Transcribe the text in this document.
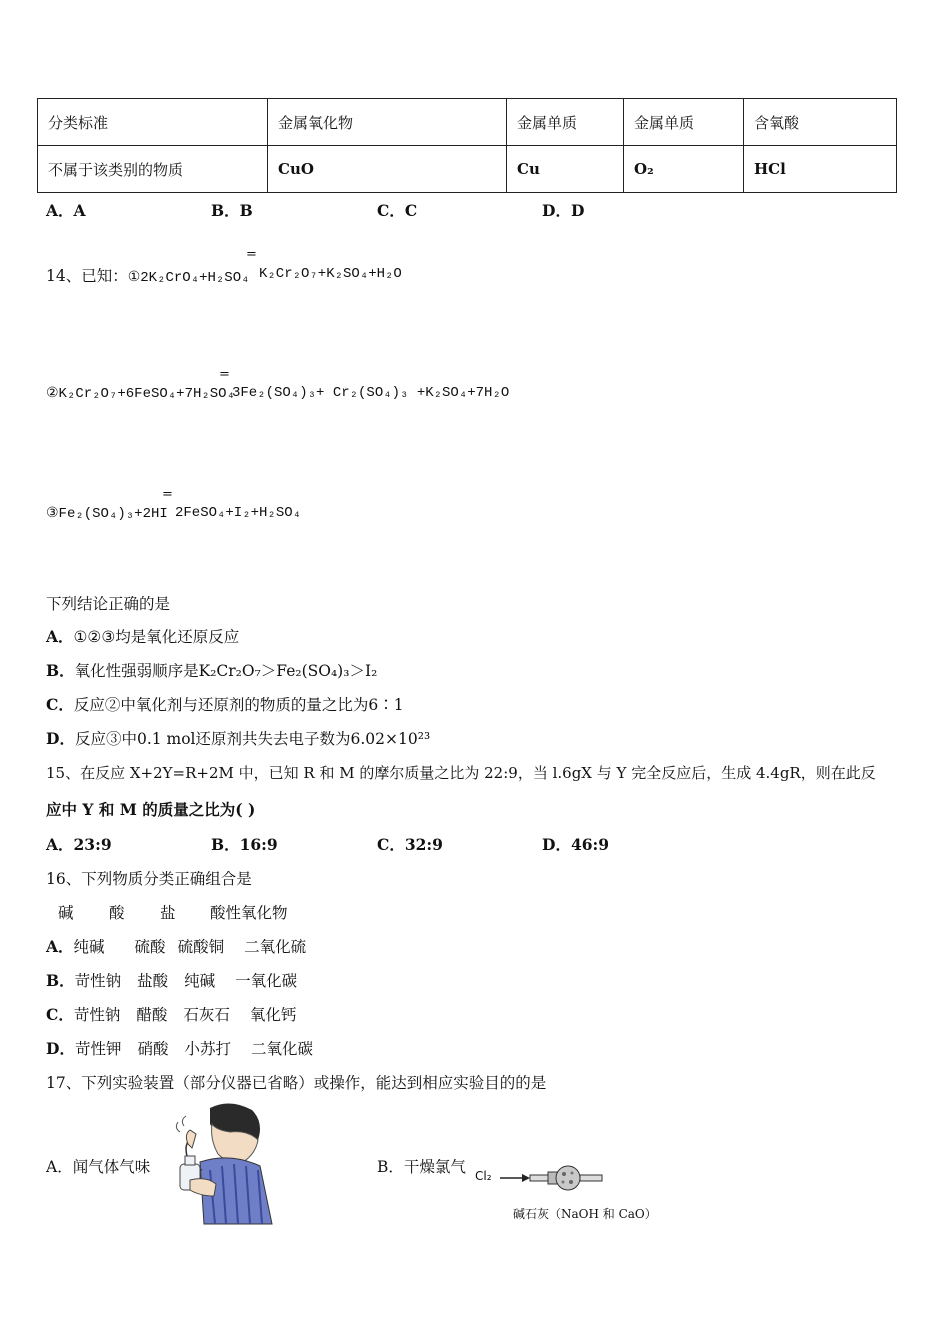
分类标准	金属氧化物	金属单质	金属单质	含氧酸
不属于该类别的物质	CuO	Cu	O₂	HCl
A．A	B．B	C．C	D．D
14、已知：①2K₂CrO₄+H₂SO₄
=
K₂Cr₂O₇+K₂SO₄+H₂O
②K₂Cr₂O₇+6FeSO₄+7H₂SO₄
=
3Fe₂(SO₄)₃+ Cr₂(SO₄)₃ +K₂SO₄+7H₂O
③Fe₂(SO₄)₃+2HI
=
2FeSO₄+I₂+H₂SO₄
下列结论正确的是
A．①②③均是氧化还原反应
B．氧化性强弱顺序是K₂Cr₂O₇＞Fe₂(SO₄)₃＞I₂
C．反应②中氧化剂与还原剂的物质的量之比为6∶1
D．反应③中0.1 mol还原剂共失去电子数为6.02×10²³
15、在反应 X+2Y=R+2M 中，已知 R 和 M 的摩尔质量之比为 22:9，当 l.6gX 与 Y 完全反应后，生成 4.4gR，则在此反
应中 Y 和 M 的质量之比为( )
A．23:9	B．16:9	C．32:9	D．46:9
16、下列物质分类正确组合是
碱 酸 盐 酸性氧化物
A．纯碱 硫酸 硫酸铜 二氧化硫
B．苛性钠 盐酸 纯碱 一氧化碳
C．苛性钠 醋酸 石灰石 氧化钙
D．苛性钾 硝酸 小苏打 二氧化碳
17、下列实验装置（部分仪器已省略）或操作，能达到相应实验目的的是
A．闻气体气味	B．干燥氯气 Cl₂
碱石灰（NaOH 和 CaO）
